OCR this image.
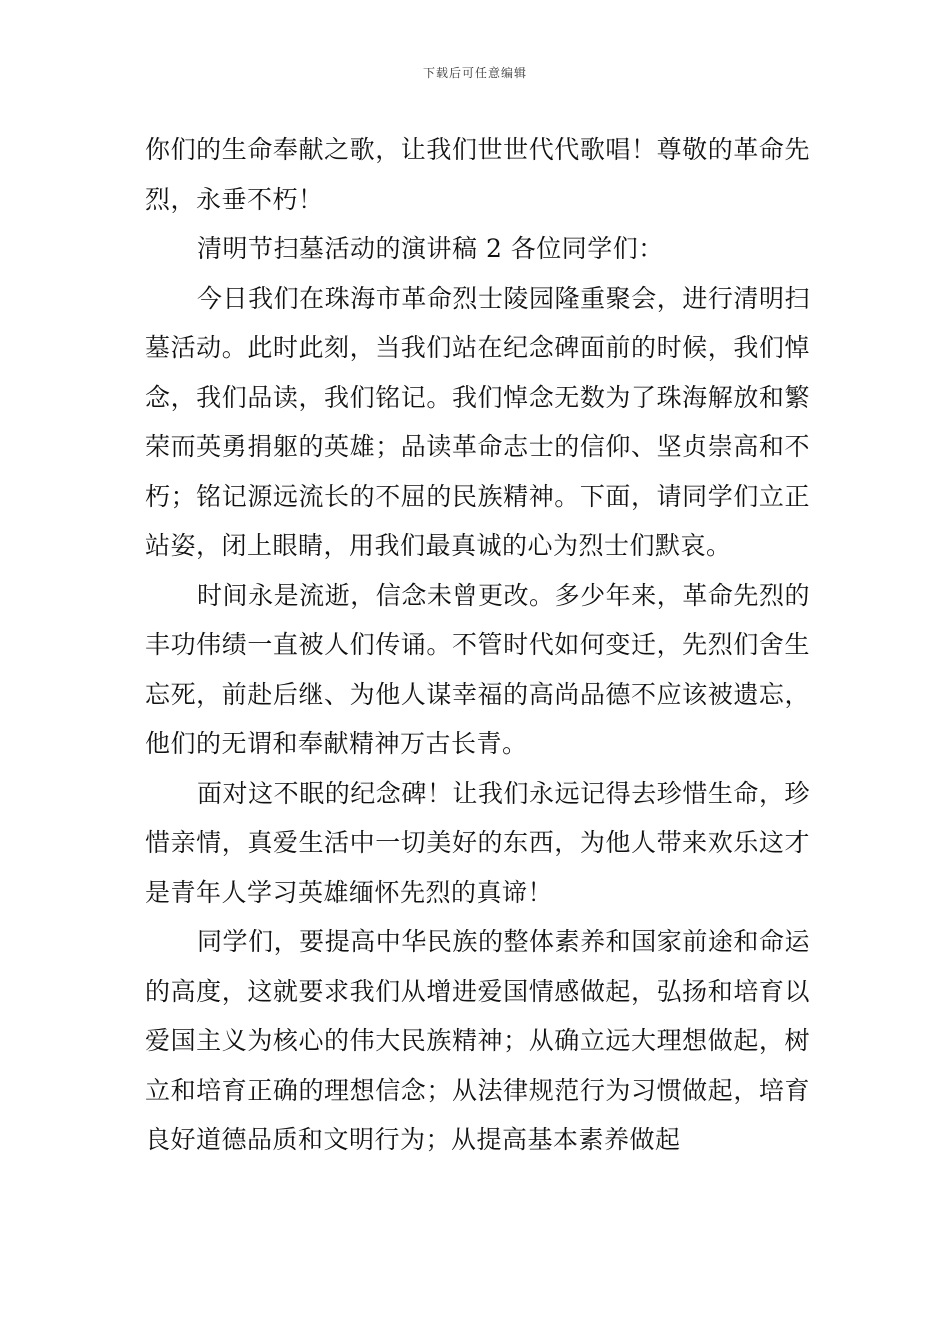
下载后可任意编辑

你们的生命奉献之歌，让我们世世代代歌唱！尊敬的革命先烈，永垂不朽！

清明节扫墓活动的演讲稿 2 各位同学们：

今日我们在珠海市革命烈士陵园隆重聚会，进行清明扫墓活动。此时此刻，当我们站在纪念碑面前的时候，我们悼念，我们品读，我们铭记。我们悼念无数为了珠海解放和繁荣而英勇捐躯的英雄；品读革命志士的信仰、坚贞崇高和不朽；铭记源远流长的不屈的民族精神。下面，请同学们立正站姿，闭上眼睛，用我们最真诚的心为烈士们默哀。

时间永是流逝，信念未曾更改。多少年来，革命先烈的丰功伟绩一直被人们传诵。不管时代如何变迁，先烈们舍生忘死，前赴后继、为他人谋幸福的高尚品德不应该被遗忘，他们的无谓和奉献精神万古长青。

面对这不眠的纪念碑！让我们永远记得去珍惜生命，珍惜亲情，真爱生活中一切美好的东西，为他人带来欢乐这才是青年人学习英雄缅怀先烈的真谛！

同学们，要提高中华民族的整体素养和国家前途和命运的高度，这就要求我们从增进爱国情感做起，弘扬和培育以爱国主义为核心的伟大民族精神；从确立远大理想做起，树立和培育正确的理想信念；从法律规范行为习惯做起，培育良好道德品质和文明行为；从提高基本素养做起
